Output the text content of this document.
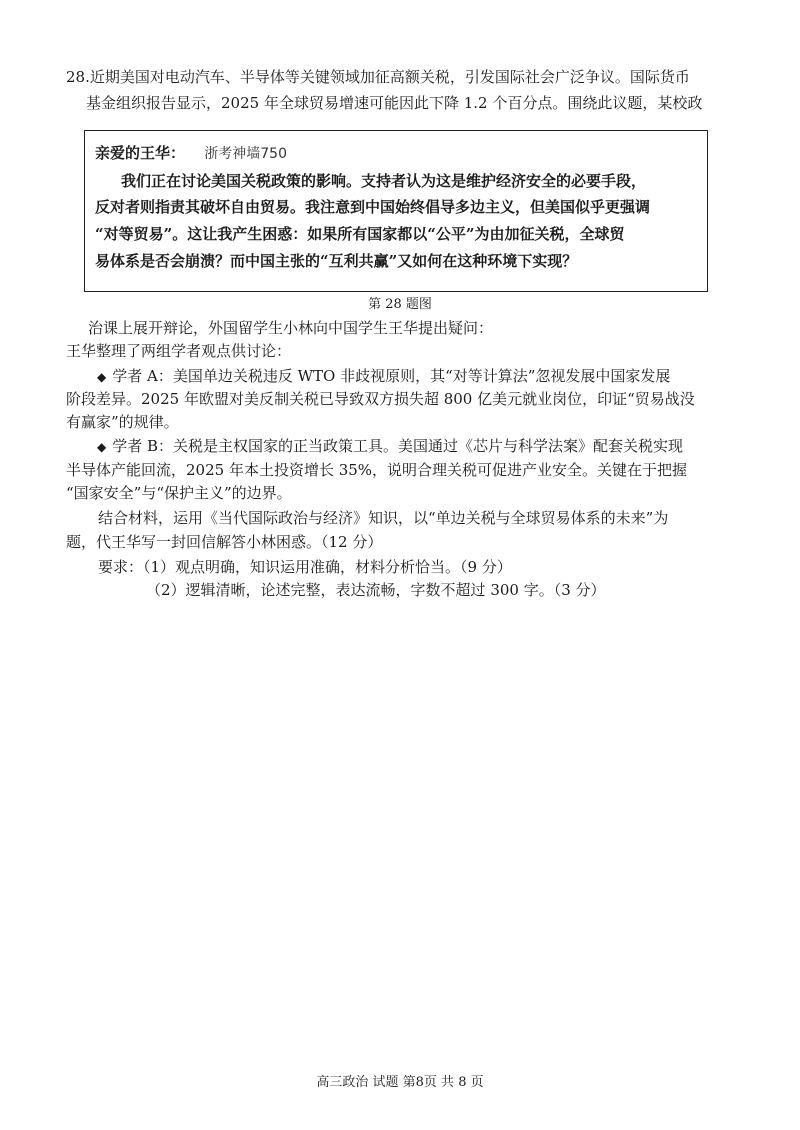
28.近期美国对电动汽车、半导体等关键领域加征高额关税，引发国际社会广泛争议。国际货币
基金组织报告显示，2025 年全球贸易增速可能因此下降 1.2 个百分点。围绕此议题，某校政
亲爱的王华： 浙考神墙750
我们正在讨论美国关税政策的影响。支持者认为这是维护经济安全的必要手段，
反对者则指责其破坏自由贸易。我注意到中国始终倡导多边主义，但美国似乎更强调
“对等贸易”。这让我产生困惑：如果所有国家都以“公平”为由加征关税，全球贸
易体系是否会崩溃？而中国主张的“互利共赢”又如何在这种环境下实现？
第 28 题图
治课上展开辩论，外国留学生小林向中国学生王华提出疑问：
王华整理了两组学者观点供讨论：
◆ 学者 A：美国单边关税违反 WTO 非歧视原则，其“对等计算法”忽视发展中国家发展
阶段差异。2025 年欧盟对美反制关税已导致双方损失超 800 亿美元就业岗位，印证“贸易战没
有赢家”的规律。
◆ 学者 B：关税是主权国家的正当政策工具。美国通过《芯片与科学法案》配套关税实现
半导体产能回流，2025 年本土投资增长 35%，说明合理关税可促进产业安全。关键在于把握
“国家安全”与“保护主义”的边界。
结合材料，运用《当代国际政治与经济》知识，以“单边关税与全球贸易体系的未来”为
题，代王华写一封回信解答小林困惑。（12 分）
要求：（1）观点明确，知识运用准确，材料分析恰当。（9 分）
（2）逻辑清晰，论述完整，表达流畅，字数不超过 300 字。（3 分）
高三政治 试题 第8页 共 8 页
